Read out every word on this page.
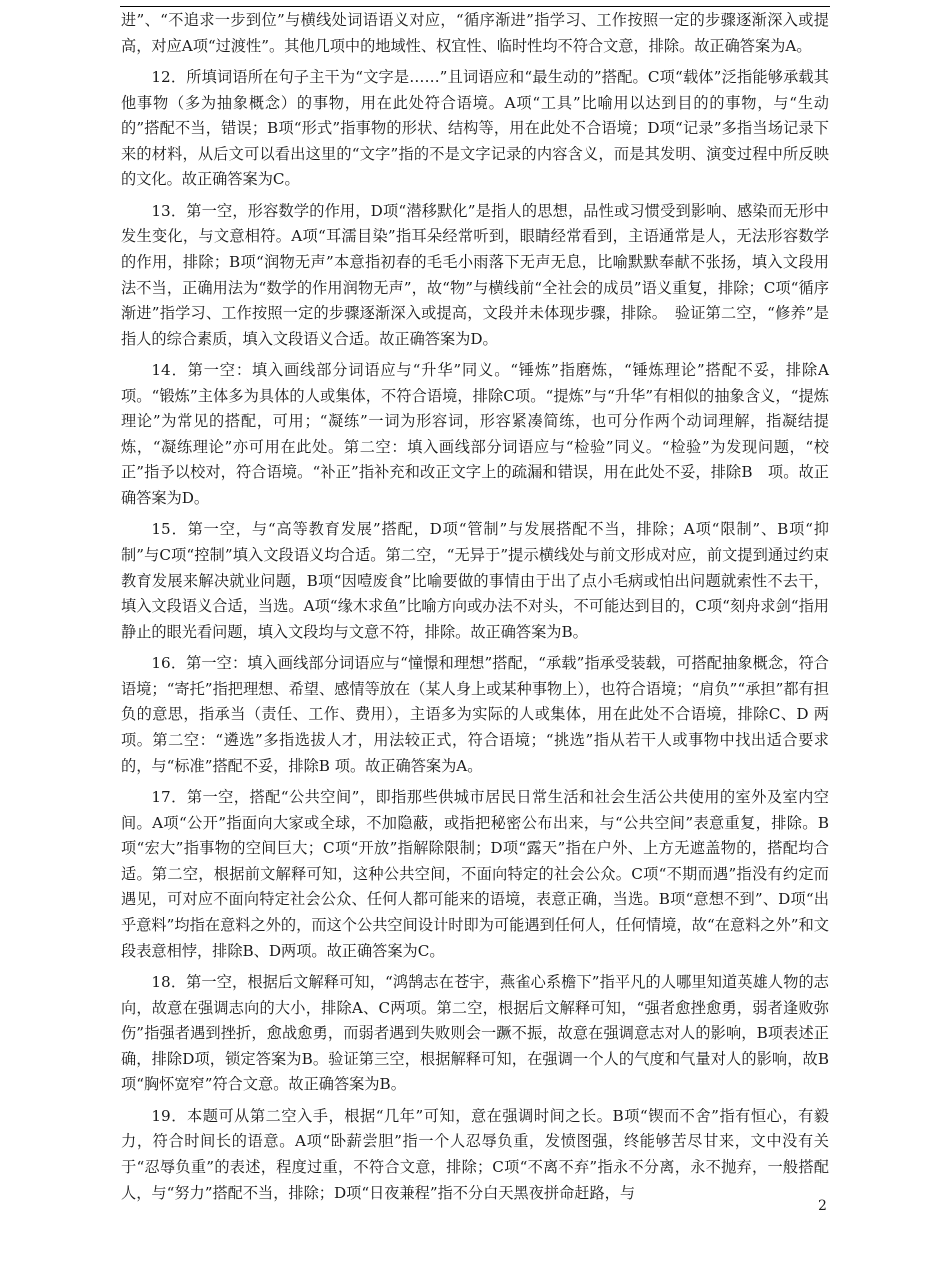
进”、“不追求一步到位”与横线处词语语义对应，“循序渐进”指学习、工作按照一定的步骤逐渐深入或提高，对应A项“过渡性”。其他几项中的地域性、权宜性、临时性均不符合文意，排除。故正确答案为A。

12．所填词语所在句子主干为“文字是……”且词语应和“最生动的”搭配。C项“载体”泛指能够承载其他事物（多为抽象概念）的事物，用在此处符合语境。A项“工具”比喻用以达到目的的事物，与“生动的”搭配不当，错误；B项“形式”指事物的形状、结构等，用在此处不合语境；D项“记录”多指当场记录下来的材料，从后文可以看出这里的“文字”指的不是文字记录的内容含义，而是其发明、演变过程中所反映的文化。故正确答案为C。

13．第一空，形容数学的作用，D项“潜移默化”是指人的思想，品性或习惯受到影响、感染而无形中发生变化，与文意相符。A项“耳濡目染”指耳朵经常听到，眼睛经常看到，主语通常是人，无法形容数学的作用，排除；B项“润物无声”本意指初春的毛毛小雨落下无声无息，比喻默默奉献不张扬，填入文段用法不当，正确用法为“数学的作用润物无声”，故“物”与横线前“全社会的成员”语义重复，排除；C项“循序渐进”指学习、工作按照一定的步骤逐渐深入或提高，文段并未体现步骤，排除。　验证第二空，“修养”是指人的综合素质，填入文段语义合适。故正确答案为D。

14．第一空：填入画线部分词语应与“升华”同义。“锤炼”指磨炼，“锤炼理论”搭配不妥，排除A　项。“锻炼”主体多为具体的人或集体，不符合语境，排除C项。“提炼”与“升华”有相似的抽象含义，“提炼理论”为常见的搭配，可用；“凝练”一词为形容词，形容紧凑简练，也可分作两个动词理解，指凝结提炼，“凝练理论”亦可用在此处。第二空：填入画线部分词语应与“检验”同义。“检验”为发现问题，“校正”指予以校对，符合语境。“补正”指补充和改正文字上的疏漏和错误，用在此处不妥，排除B　项。故正确答案为D。

15．第一空，与“高等教育发展”搭配，D项“管制”与发展搭配不当，排除；A项“限制”、B项“抑制”与C项“控制”填入文段语义均合适。第二空，“无异于”提示横线处与前文形成对应，前文提到通过约束教育发展来解决就业问题，B项“因噎废食”比喻要做的事情由于出了点小毛病或怕出问题就索性不去干，填入文段语义合适，当选。A项“缘木求鱼”比喻方向或办法不对头，不可能达到目的，C项“刻舟求剑“指用静止的眼光看问题，填入文段均与文意不符，排除。故正确答案为B。

16．第一空：填入画线部分词语应与“憧憬和理想”搭配，“承载”指承受装载，可搭配抽象概念，符合语境；“寄托”指把理想、希望、感情等放在（某人身上或某种事物上），也符合语境；“肩负”“承担”都有担负的意思，指承当（责任、工作、费用），主语多为实际的人或集体，用在此处不合语境，排除C、D 两项。第二空：“遴选”多指选拔人才，用法较正式，符合语境；“挑选”指从若干人或事物中找出适合要求的，与“标准”搭配不妥，排除B 项。故正确答案为A。

17．第一空，搭配“公共空间”，即指那些供城市居民日常生活和社会生活公共使用的室外及室内空间。A项“公开”指面向大家或全球，不加隐蔽，或指把秘密公布出来，与“公共空间”表意重复，排除。B项“宏大”指事物的空间巨大；C项“开放”指解除限制；D项“露天”指在户外、上方无遮盖物的，搭配均合适。第二空，根据前文解释可知，这种公共空间，不面向特定的社会公众。C项“不期而遇”指没有约定而遇见，可对应不面向特定社会公众、任何人都可能来的语境，表意正确，当选。B项“意想不到”、D项“出乎意料”均指在意料之外的，而这个公共空间设计时即为可能遇到任何人，任何情境，故“在意料之外”和文段表意相悖，排除B、D两项。故正确答案为C。

18．第一空，根据后文解释可知，“鸿鹄志在苍宇，燕雀心系檐下”指平凡的人哪里知道英雄人物的志向，故意在强调志向的大小，排除A、C两项。第二空，根据后文解释可知，“强者愈挫愈勇，弱者逢败弥伤”指强者遇到挫折，愈战愈勇，而弱者遇到失败则会一蹶不振，故意在强调意志对人的影响，B项表述正确，排除D项，锁定答案为B。验证第三空，根据解释可知，在强调一个人的气度和气量对人的影响，故B项“胸怀宽窄”符合文意。故正确答案为B。

19．本题可从第二空入手，根据“几年”可知，意在强调时间之长。B项“锲而不舍”指有恒心，有毅力，符合时间长的语意。A项“卧薪尝胆”指一个人忍辱负重，发愤图强，终能够苦尽甘来，文中没有关于“忍辱负重”的表述，程度过重，不符合文意，排除；C项“不离不弃”指永不分离，永不抛弃，一般搭配人，与“努力”搭配不当，排除；D项“日夜兼程”指不分白天黑夜拼命赶路，与

2
